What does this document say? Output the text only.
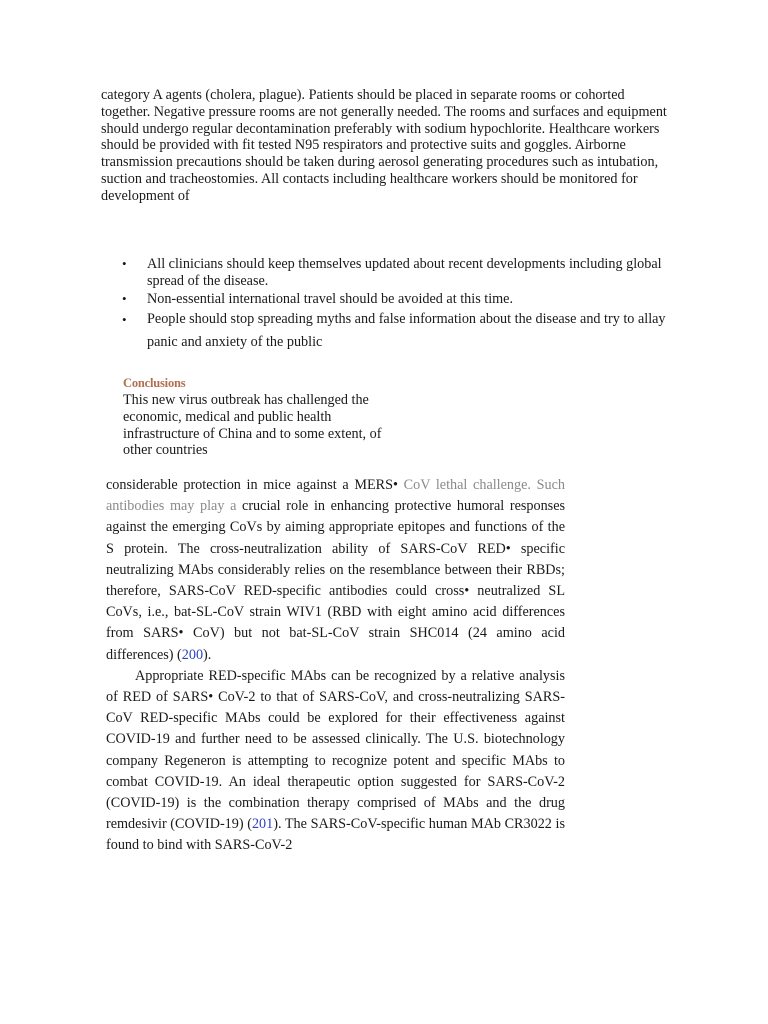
category A agents (cholera, plague). Patients should be placed in separate rooms or cohorted together. Negative pressure rooms are not generally needed. The rooms and surfaces and equipment should undergo regular decontamination preferably with sodium hypochlorite. Healthcare workers should be provided with fit tested N95 respirators and protective suits and goggles. Airborne transmission precautions should be taken during aerosol generating procedures such as intubation, suction and tracheostomies. All contacts including healthcare workers should be monitored for development of

• All clinicians should keep themselves updated about recent developments including global spread of the disease.
• Non-essential international travel should be avoided at this time.
• People should stop spreading myths and false information about the disease and try to allay panic and anxiety of the public
Conclusions

This new virus outbreak has challenged the economic, medical and public health infrastructure of China and to some extent, of other countries

considerable protection in mice against a MERS• CoV lethal challenge. Such antibodies may play a crucial role in enhancing protective humoral responses against the emerging CoVs by aiming appropriate epitopes and functions of the S protein. The cross-neutralization ability of SARS-CoV RED• specific neutralizing MAbs considerably relies on the resemblance between their RBDs; therefore, SARS-CoV RED-specific antibodies could cross• neutralized SL CoVs, i.e., bat-SL-CoV strain WIV1 (RBD with eight amino acid differences from SARS• CoV) but not bat-SL-CoV strain SHC014 (24 amino acid differences) (200).

Appropriate RED-specific MAbs can be recognized by a relative analysis of RED of SARS• CoV-2 to that of SARS-CoV, and cross-neutralizing SARS-CoV RED-specific MAbs could be explored for their effectiveness against COVID-19 and further need to be assessed clinically. The U.S. biotechnology company Regeneron is attempting to recognize potent and specific MAbs to combat COVID-19. An ideal therapeutic option suggested for SARS-CoV-2 (COVID-19) is the combination therapy comprised of MAbs and the drug remdesivir (COVID-19) (201). The SARS-CoV-specific human MAb CR3022 is found to bind with SARS-CoV-2
